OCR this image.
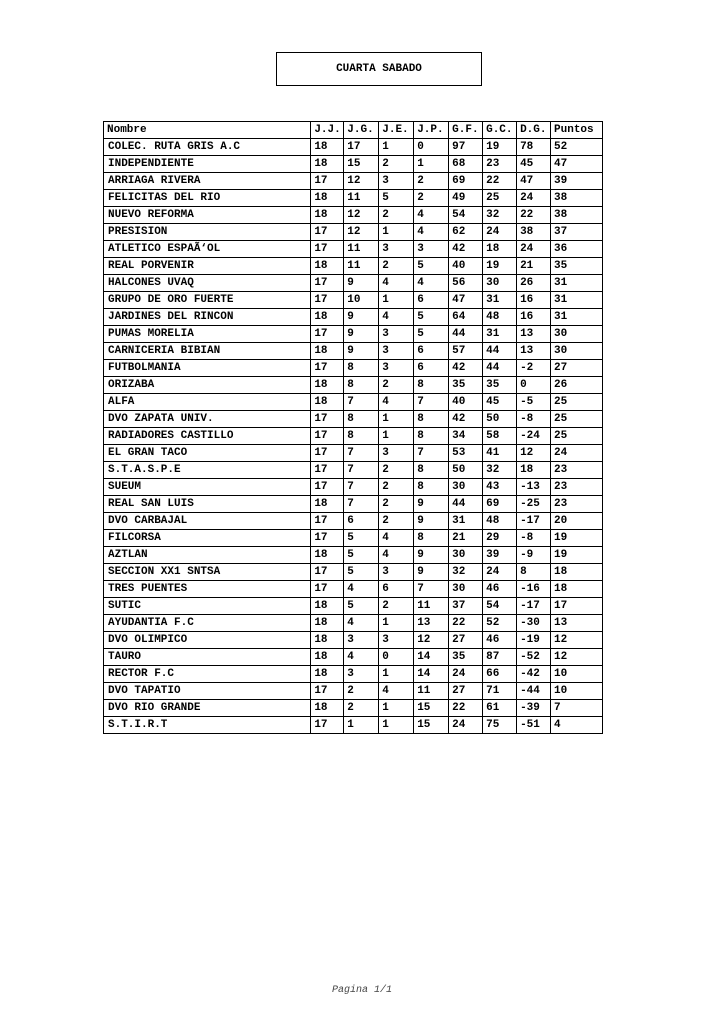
CUARTA SABADO
Nombre	J.J.	J.G.	J.E.	J.P.	G.F.	G.C.	D.G.	Puntos
COLEC. RUTA GRIS A.C	18	17	1	0	97	19	78	52
INDEPENDIENTE	18	15	2	1	68	23	45	47
ARRIAGA RIVERA	17	12	3	2	69	22	47	39
FELICITAS DEL RIO	18	11	5	2	49	25	24	38
NUEVO REFORMA	18	12	2	4	54	32	22	38
PRESISION	17	12	1	4	62	24	38	37
ATLETICO ESPAÃ‘OL	17	11	3	3	42	18	24	36
REAL PORVENIR	18	11	2	5	40	19	21	35
HALCONES UVAQ	17	9	4	4	56	30	26	31
GRUPO DE ORO FUERTE	17	10	1	6	47	31	16	31
JARDINES DEL RINCON	18	9	4	5	64	48	16	31
PUMAS MORELIA	17	9	3	5	44	31	13	30
CARNICERIA BIBIAN	18	9	3	6	57	44	13	30
FUTBOLMANIA	17	8	3	6	42	44	-2	27
ORIZABA	18	8	2	8	35	35	0	26
ALFA	18	7	4	7	40	45	-5	25
DVO ZAPATA UNIV.	17	8	1	8	42	50	-8	25
RADIADORES CASTILLO	17	8	1	8	34	58	-24	25
EL GRAN TACO	17	7	3	7	53	41	12	24
S.T.A.S.P.E	17	7	2	8	50	32	18	23
SUEUM	17	7	2	8	30	43	-13	23
REAL SAN LUIS	18	7	2	9	44	69	-25	23
DVO CARBAJAL	17	6	2	9	31	48	-17	20
FILCORSA	17	5	4	8	21	29	-8	19
AZTLAN	18	5	4	9	30	39	-9	19
SECCION XX1 SNTSA	17	5	3	9	32	24	8	18
TRES PUENTES	17	4	6	7	30	46	-16	18
SUTIC	18	5	2	11	37	54	-17	17
AYUDANTIA F.C	18	4	1	13	22	52	-30	13
DVO OLIMPICO	18	3	3	12	27	46	-19	12
TAURO	18	4	0	14	35	87	-52	12
RECTOR F.C	18	3	1	14	24	66	-42	10
DVO TAPATIO	17	2	4	11	27	71	-44	10
DVO RIO GRANDE	18	2	1	15	22	61	-39	7
S.T.I.R.T	17	1	1	15	24	75	-51	4
Pagina 1/1
